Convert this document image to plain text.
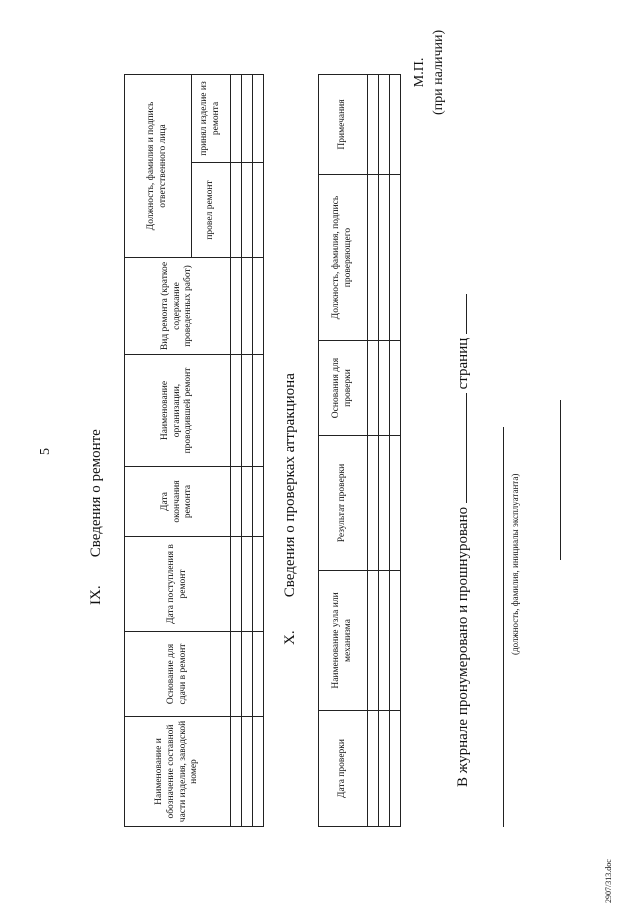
5
IX. Сведения о ремонте
Наименование и обозначение составной части изделия, заводской номер	Основание для сдачи в ремонт	Дата поступления в ремонт	Дата окончания ремонта	Наименование организации, проводившей ремонт	Вид ремонта (краткое содержание проведенных работ)	Должность, фамилия и подпись ответственного лица	
						провел ремонт	принял изделие из ремонта

X. Сведения о проверках аттракциона
Дата проверки	Наименование узла или механизма	Результат проверки	Основания для проверки	Должность, фамилия, подпись проверяющего	Примечания

М.П. (при наличии)
В журнале пронумеровано и прошнуровано  страниц
(должность, фамилия, инициалы эксплуатанта)
2907/313.doc
